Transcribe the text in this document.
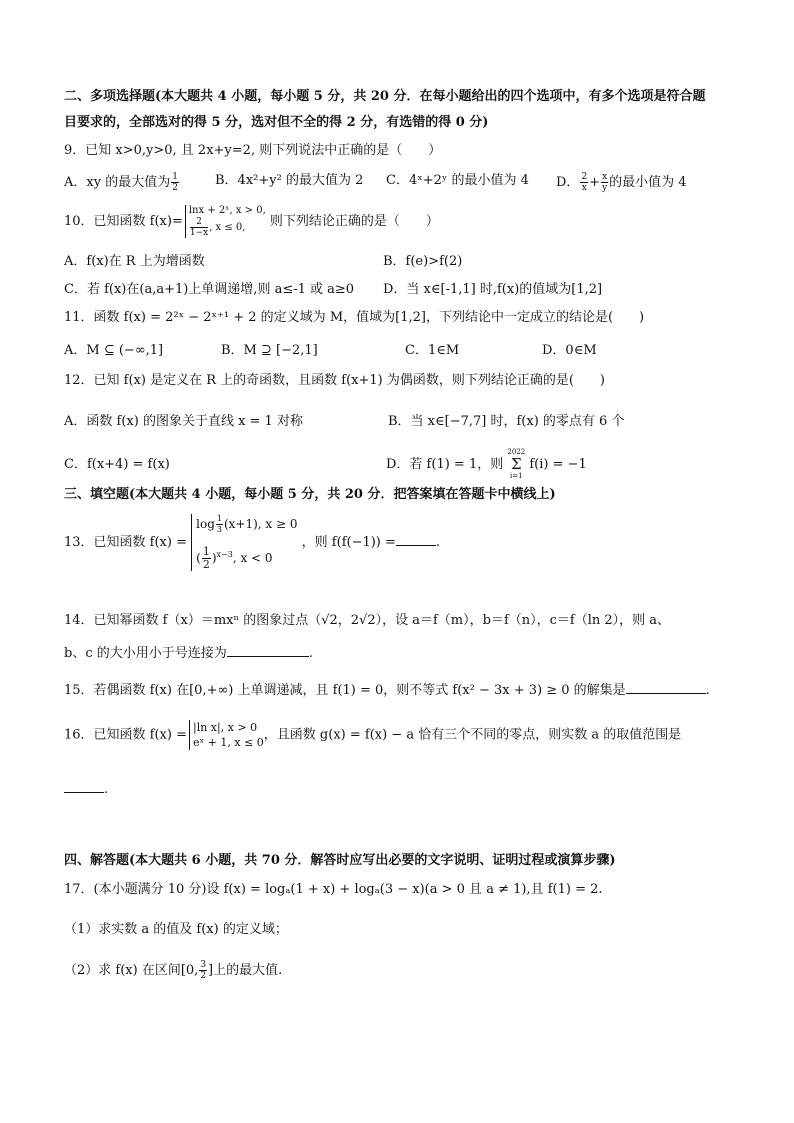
二、多项选择题(本大题共 4 小题，每小题 5 分，共 20 分．在每小题给出的四个选项中，有多个选项是符合题
目要求的，全部选对的得 5 分，选对但不全的得 2 分，有选错的得 0 分)
9．已知 x>0,y>0, 且 2x+y=2, 则下列说法中正确的是（　　）
A．xy 的最大值为 $\frac{1}{2}$	B．4x²+y² 的最大值为 2 C．4ˣ+2ʸ 的最小值为 4 D． $\frac{2}{x} + \frac{x}{y}$ 的最小值为 4
10．已知函数 f(x)=
lnx + 2ˣ, x > 0,
$\frac{2}{1-x}$ , x ≤ 0,	则下列结论正确的是（　　）
A．f(x)在 R 上为增函数	B．f(e)>f(2)
C．若 f(x)在(a,a+1)上单调递增,则 a≤-1 或 a≥0 D．当 x∈[-1,1] 时,f(x)的值域为[1,2]
11．函数 f(x) = 2²ˣ − 2ˣ⁺¹ + 2 的定义域为 M，值域为[1,2]，下列结论中一定成立的结论是(　　)
A．M ⊆ (−∞,1]	B．M ⊇ [−2,1]	C．1∈M	D．0∈M
12．已知 f(x) 是定义在 R 上的奇函数，且函数 f(x+1) 为偶函数，则下列结论正确的是(　　)
A．函数 f(x) 的图象关于直线 x = 1 对称	B．当 x∈[−7,7] 时，f(x) 的零点有 6 个
C．f(x+4) = f(x)	D．若 f(1) = 1，则
2022
Σ
i=1
f(i) = −1
三、填空题(本大题共 4 小题，每小题 5 分，共 20 分．把答案填在答题卡中横线上)
13．已知函数 f(x) =
$\log \frac{1}{3} (x+1)$, x ≥ 0
( $\frac{1}{2} )^{x-3}$, x < 0
，则 f(f(−1)) =	.
14．已知幂函数 f（x）＝mxⁿ 的图象过点（√2，2√2），设 a＝f（m），b＝f（n），c＝f（ln 2），则 a、
b、c 的大小用小于号连接为	.
15．若偶函数 f(x) 在[0,+∞) 上单调递减，且 f(1) = 0，则不等式 f(x² − 3x + 3) ≥ 0 的解集是	.
16．已知函数 f(x) = |ln x|, x > 0
eˣ + 1, x ≤ 0 ，且函数 g(x) = f(x) − a 恰有三个不同的零点，则实数 a 的取值范围是
.
四、解答题(本大题共 6 小题，共 70 分．解答时应写出必要的文字说明、证明过程或演算步骤)
17．(本小题满分 10 分)设 f(x) = logₐ(1 + x) + logₐ(3 − x)(a > 0 且 a ≠ 1),且 f(1) = 2.
（1）求实数 a 的值及 f(x) 的定义域；
（2）求 f(x) 在区间[0, $\frac{3}{2}$ ]上的最大值.
